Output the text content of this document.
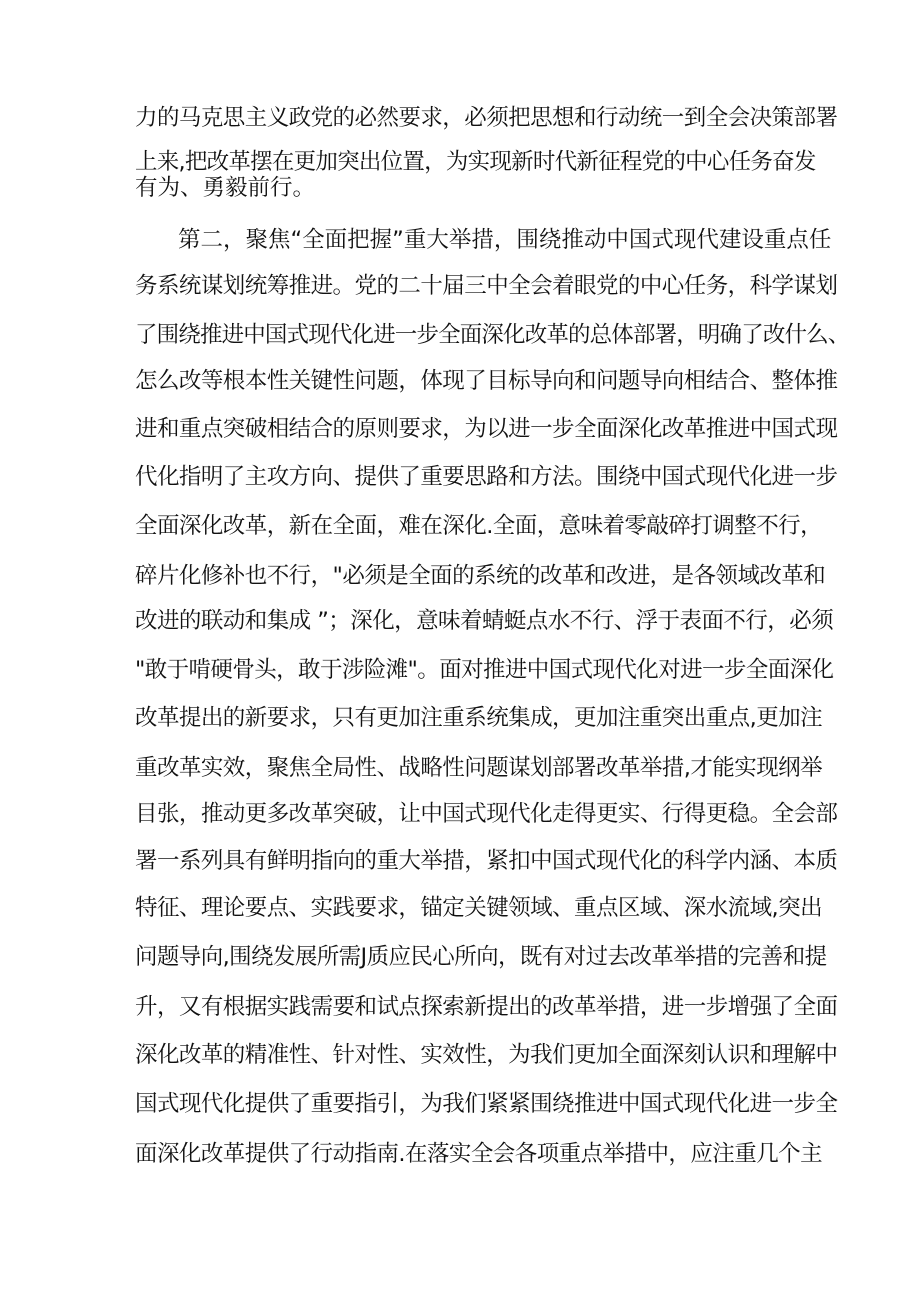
力的马克思主义政党的必然要求，必须把思想和行动统一到全会决策部署
上来,把改革摆在更加突出位置，为实现新时代新征程党的中心任务奋发
有为、勇毅前行。
第二，聚焦“全面把握”重大举措，围绕推动中国式现代建设重点任
务系统谋划统筹推进。党的二十届三中全会着眼党的中心任务，科学谋划
了围绕推进中国式现代化进一步全面深化改革的总体部署，明确了改什么、
怎么改等根本性关键性问题，体现了目标导向和问题导向相结合、整体推
进和重点突破相结合的原则要求，为以进一步全面深化改革推进中国式现
代化指明了主攻方向、提供了重要思路和方法。围绕中国式现代化进一步
全面深化改革，新在全面，难在深化.全面，意味着零敲碎打调整不行，
碎片化修补也不行，"必须是全面的系统的改革和改进，是各领域改革和
改进的联动和集成 ”；深化，意味着蜻蜓点水不行、浮于表面不行，必须
"敢于啃硬骨头，敢于涉险滩"。面对推进中国式现代化对进一步全面深化
改革提出的新要求，只有更加注重系统集成，更加注重突出重点,更加注
重改革实效，聚焦全局性、战略性问题谋划部署改革举措,才能实现纲举
目张，推动更多改革突破，让中国式现代化走得更实、行得更稳。全会部
署一系列具有鲜明指向的重大举措，紧扣中国式现代化的科学内涵、本质
特征、理论要点、实践要求，锚定关键领域、重点区域、深水流域,突出
问题导向,围绕发展所需J质应民心所向，既有对过去改革举措的完善和提
升，又有根据实践需要和试点探索新提出的改革举措，进一步增强了全面
深化改革的精准性、针对性、实效性，为我们更加全面深刻认识和理解中
国式现代化提供了重要指引，为我们紧紧围绕推进中国式现代化进一步全
面深化改革提供了行动指南.在落实全会各项重点举措中，应注重几个主
